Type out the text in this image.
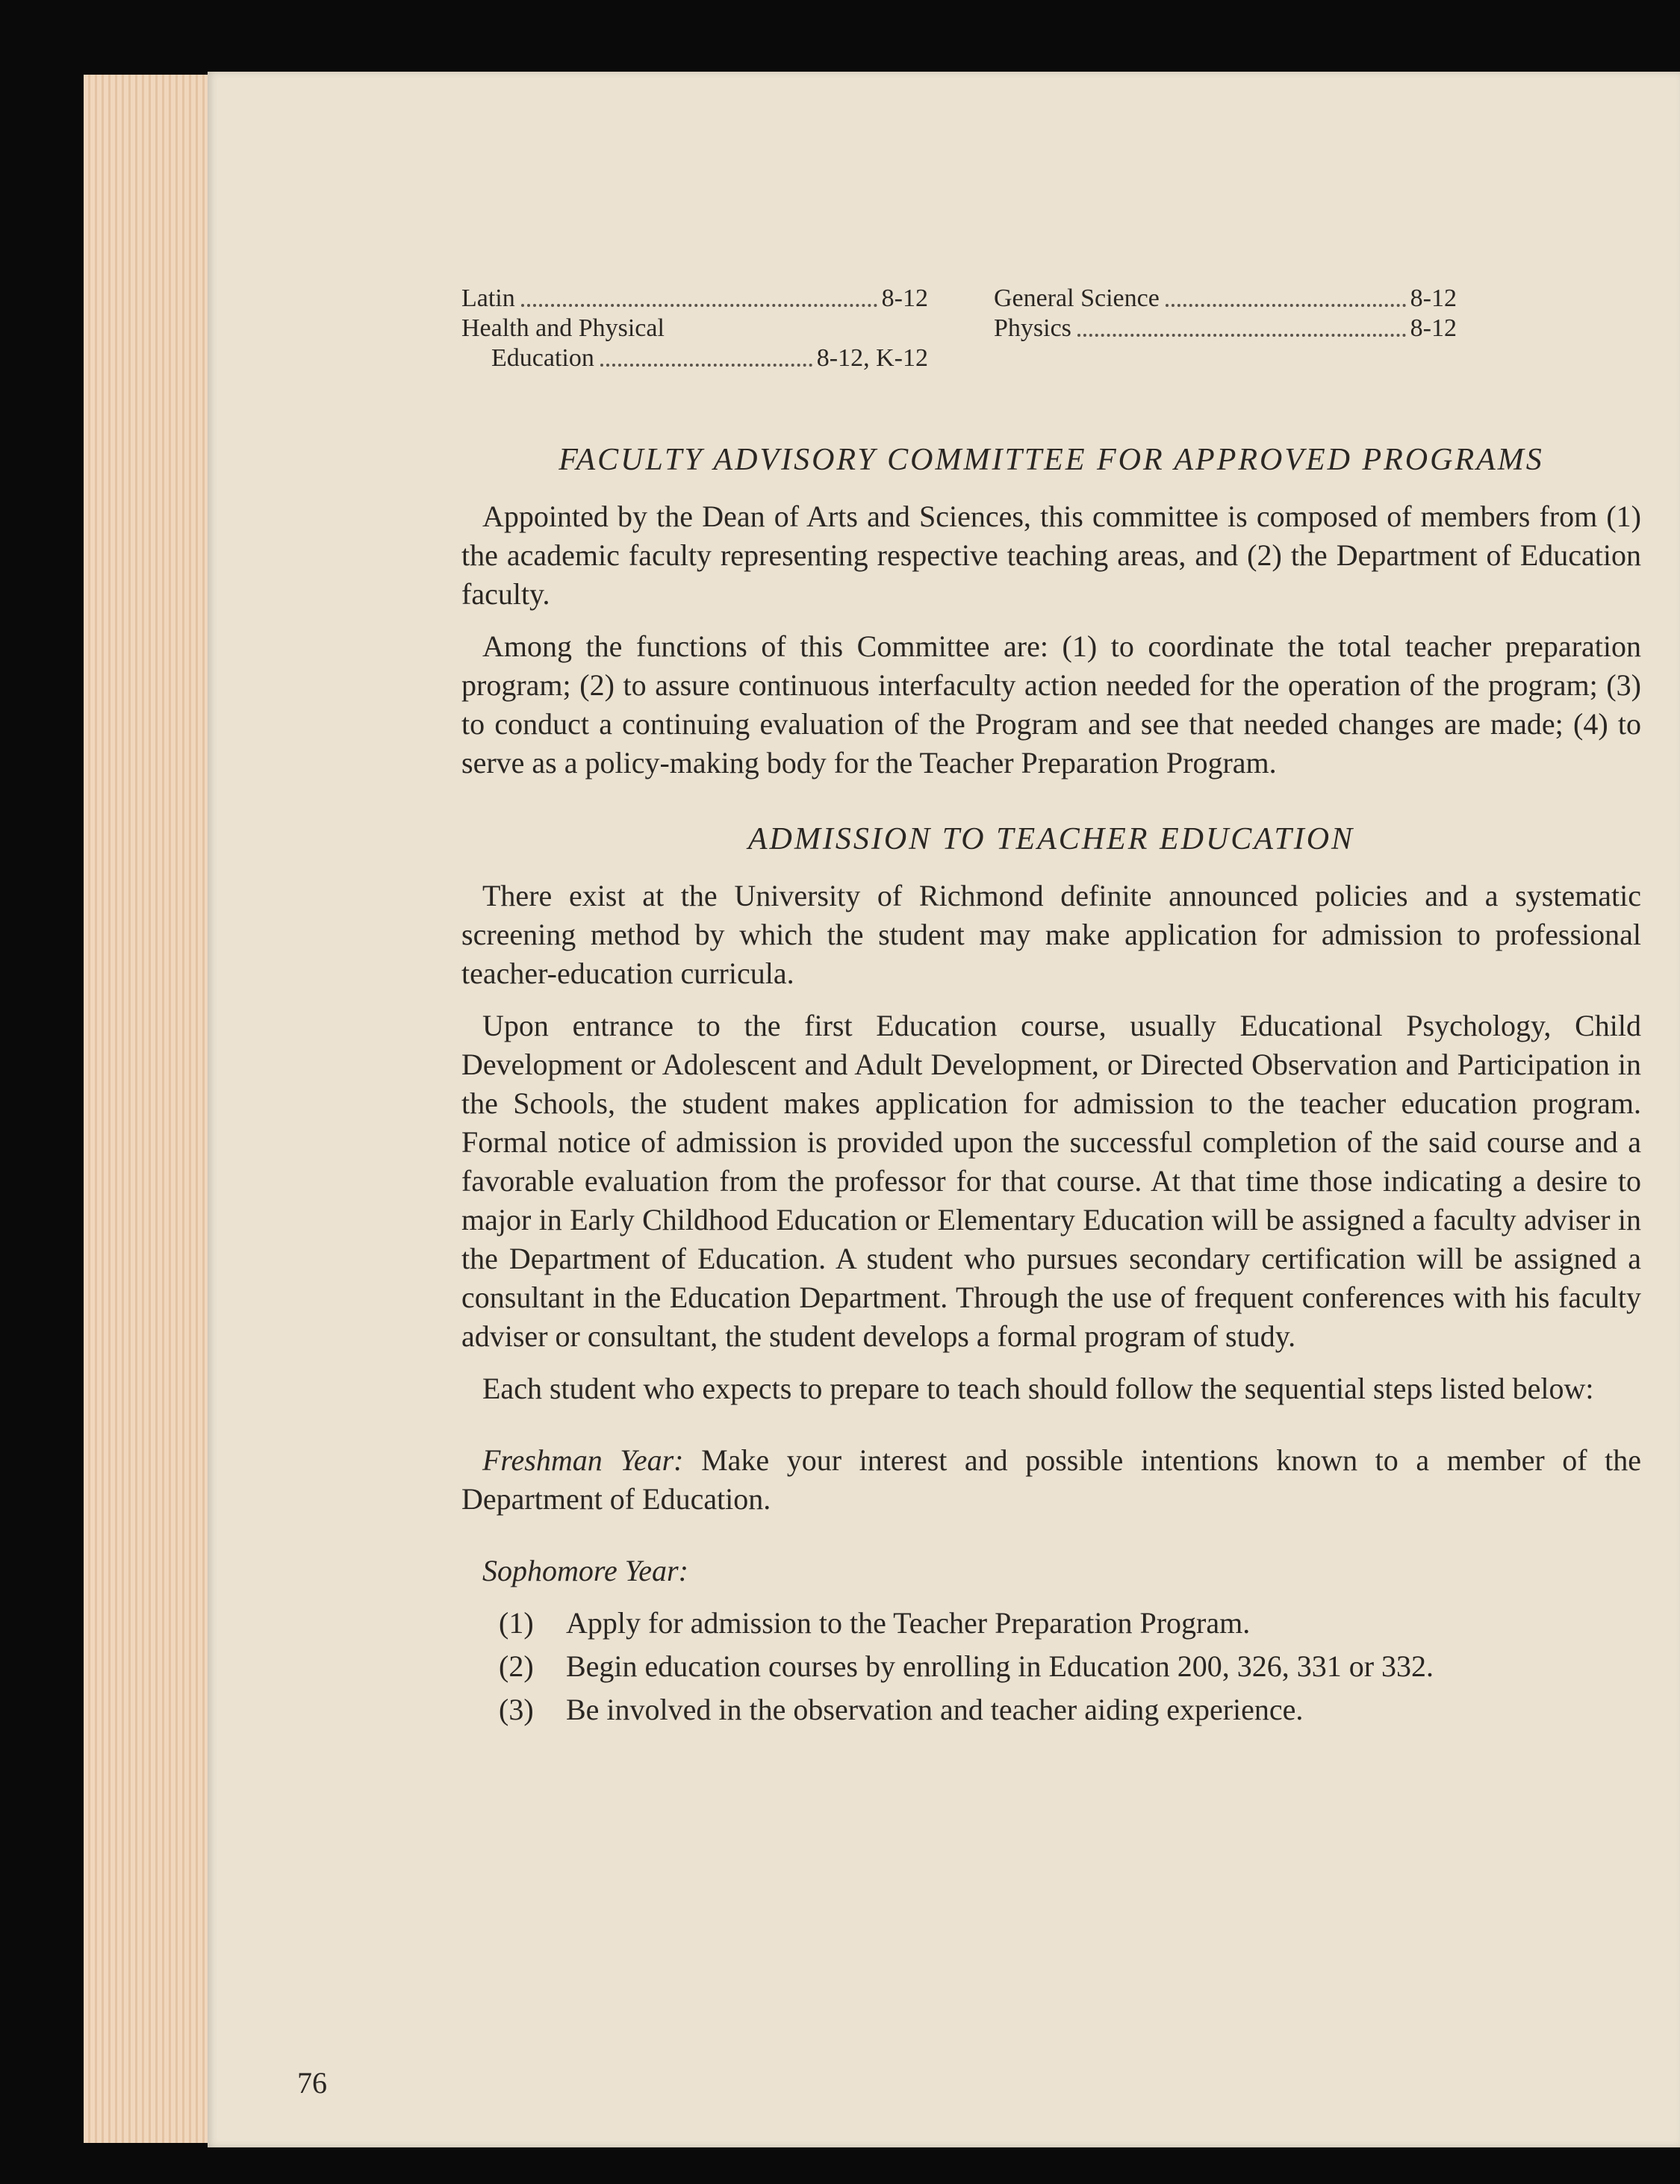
76
Latin	8-12
Health and Physical
Education	8-12, K-12
General Science	8-12
Physics	8-12
FACULTY ADVISORY COMMITTEE FOR APPROVED PROGRAMS

Appointed by the Dean of Arts and Sciences, this committee is composed of members from (1) the academic faculty representing respective teaching areas, and (2) the Department of Education faculty.

Among the functions of this Committee are: (1) to coordinate the total teacher preparation program; (2) to assure continuous interfaculty action needed for the operation of the program; (3) to conduct a continuing evaluation of the Program and see that needed changes are made; (4) to serve as a policy-making body for the Teacher Preparation Program.

ADMISSION TO TEACHER EDUCATION

There exist at the University of Richmond definite announced policies and a systematic screening method by which the student may make application for admission to professional teacher-education curricula.

Upon entrance to the first Education course, usually Educational Psychology, Child Development or Adolescent and Adult Development, or Directed Observation and Participation in the Schools, the student makes application for admission to the teacher education program. Formal notice of admission is provided upon the successful completion of the said course and a favorable evaluation from the professor for that course. At that time those indicating a desire to major in Early Childhood Education or Elementary Education will be assigned a faculty adviser in the Department of Education. A student who pursues secondary certification will be assigned a consultant in the Education Department. Through the use of frequent conferences with his faculty adviser or consultant, the student develops a formal program of study.

Each student who expects to prepare to teach should follow the sequential steps listed below:

Freshman Year: Make your interest and possible intentions known to a member of the Department of Education.

Sophomore Year:

(1)	Apply for admission to the Teacher Preparation Program.
(2)	Begin education courses by enrolling in Education 200, 326, 331 or 332.
(3)	Be involved in the observation and teacher aiding experience.
